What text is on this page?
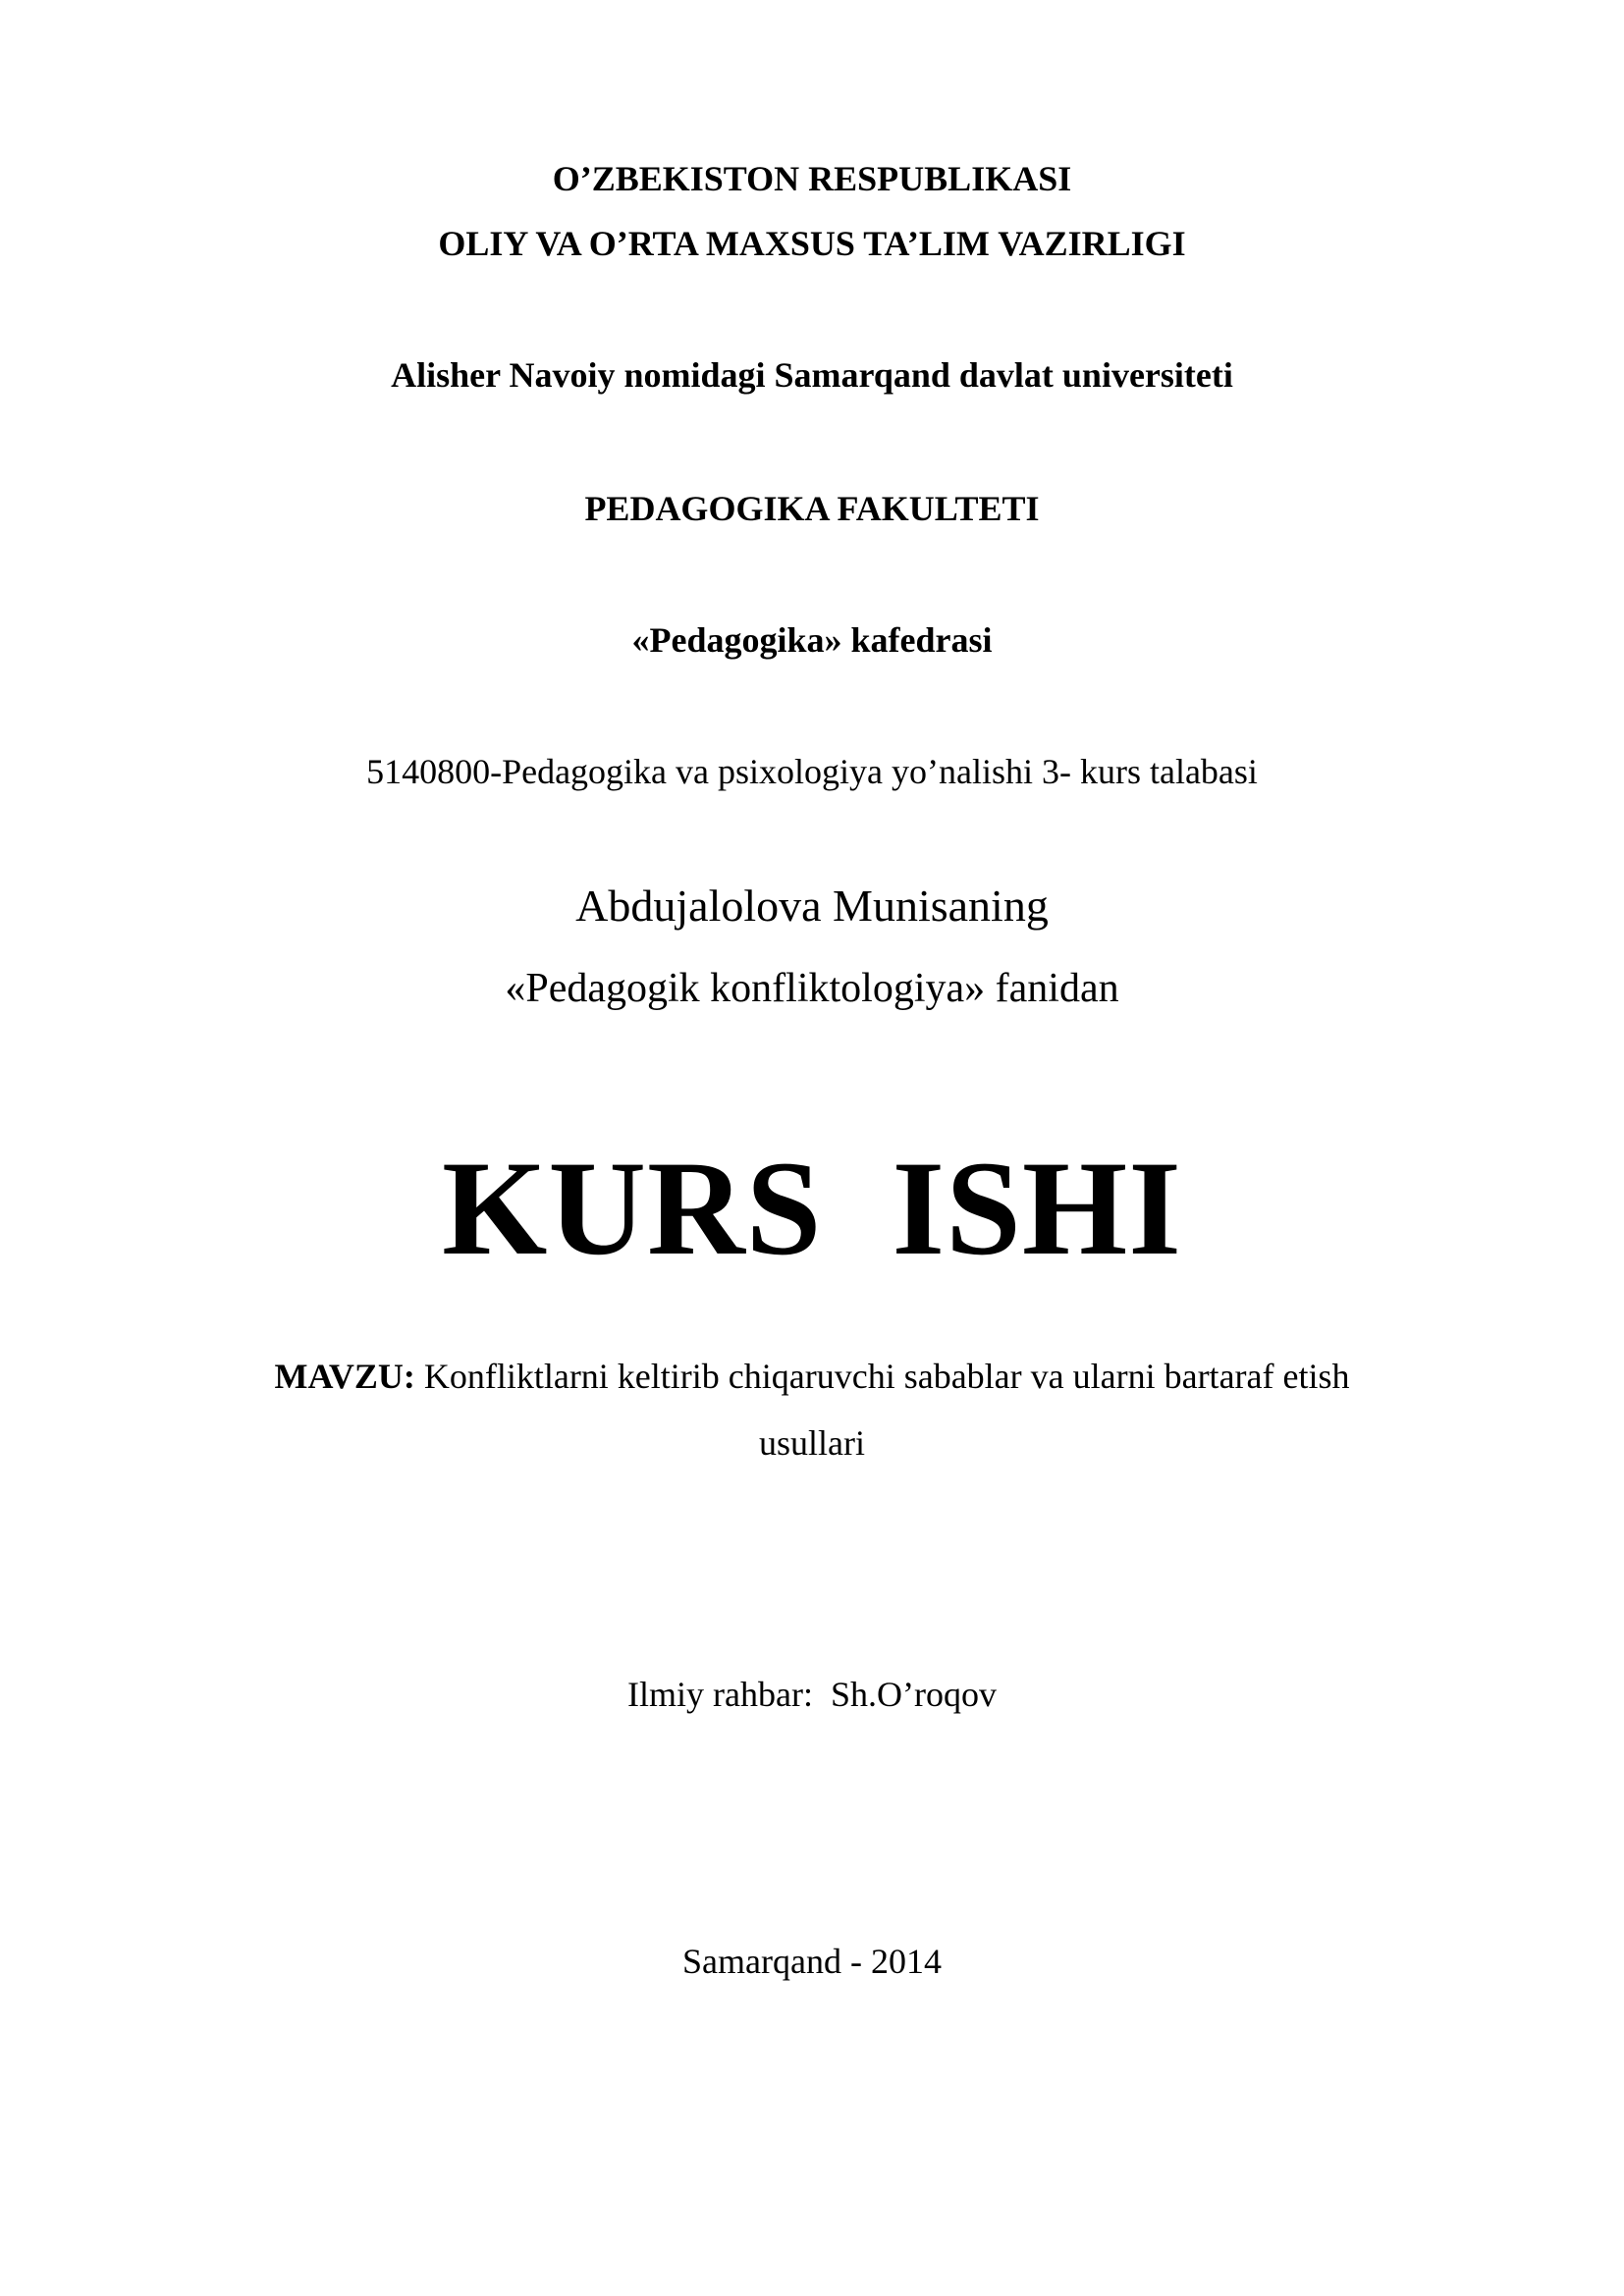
O’ZBEKISTON RESPUBLIKASI
OLIY VA O’RTA MAXSUS TA’LIM VAZIRLIGI
Alisher Navoiy nomidagi Samarqand davlat universiteti
PEDAGOGIKA FAKULTETI
«Pedagogika» kafedrasi
5140800-Pedagogika va psixologiya yo’nalishi 3- kurs talabasi
Abdujalolova Munisaning
«Pedagogik konfliktologiya» fanidan
KURS  ISHI
MAVZU: Konfliktlarni keltirib chiqaruvchi sabablar va ularni bartaraf etish
usullari
Ilmiy rahbar: Sh.O’roqov
Samarqand - 2014
